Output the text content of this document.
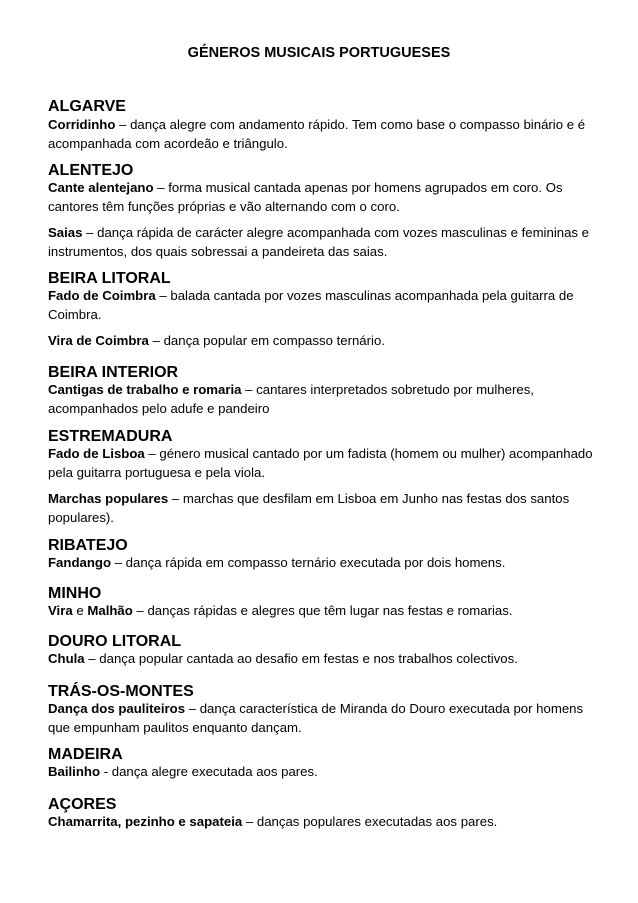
GÉNEROS MUSICAIS PORTUGUESES
ALGARVE
Corridinho – dança alegre com andamento rápido. Tem como base o compasso binário e é acompanhada com acordeão e triângulo.
ALENTEJO
Cante alentejano – forma musical cantada apenas por homens agrupados em coro. Os cantores têm funções próprias e vão alternando com o coro.
Saias – dança rápida de carácter alegre acompanhada com vozes masculinas e femininas e instrumentos, dos quais sobressai a pandeireta das saias.
BEIRA LITORAL
Fado de Coimbra – balada cantada por vozes masculinas acompanhada pela guitarra de Coimbra.
Vira de Coimbra – dança popular em compasso ternário.
BEIRA INTERIOR
Cantigas de trabalho e romaria – cantares interpretados sobretudo por mulheres, acompanhados pelo adufe e pandeiro
ESTREMADURA
Fado de Lisboa – género musical cantado por um fadista (homem ou mulher) acompanhado pela guitarra portuguesa e pela viola.
Marchas populares – marchas que desfilam em Lisboa em Junho nas festas dos santos populares).
RIBATEJO
Fandango – dança rápida em compasso ternário executada por dois homens.
MINHO
Vira e Malhão – danças rápidas e alegres que têm lugar nas festas e romarias.
DOURO LITORAL
Chula – dança popular cantada ao desafio em festas e nos trabalhos colectivos.
TRÁS-OS-MONTES
Dança dos pauliteiros – dança característica de Miranda do Douro executada por homens que empunham paulitos enquanto dançam.
MADEIRA
Bailinho - dança alegre executada aos pares.
AÇORES
Chamarrita, pezinho e sapateia – danças populares executadas aos pares.
